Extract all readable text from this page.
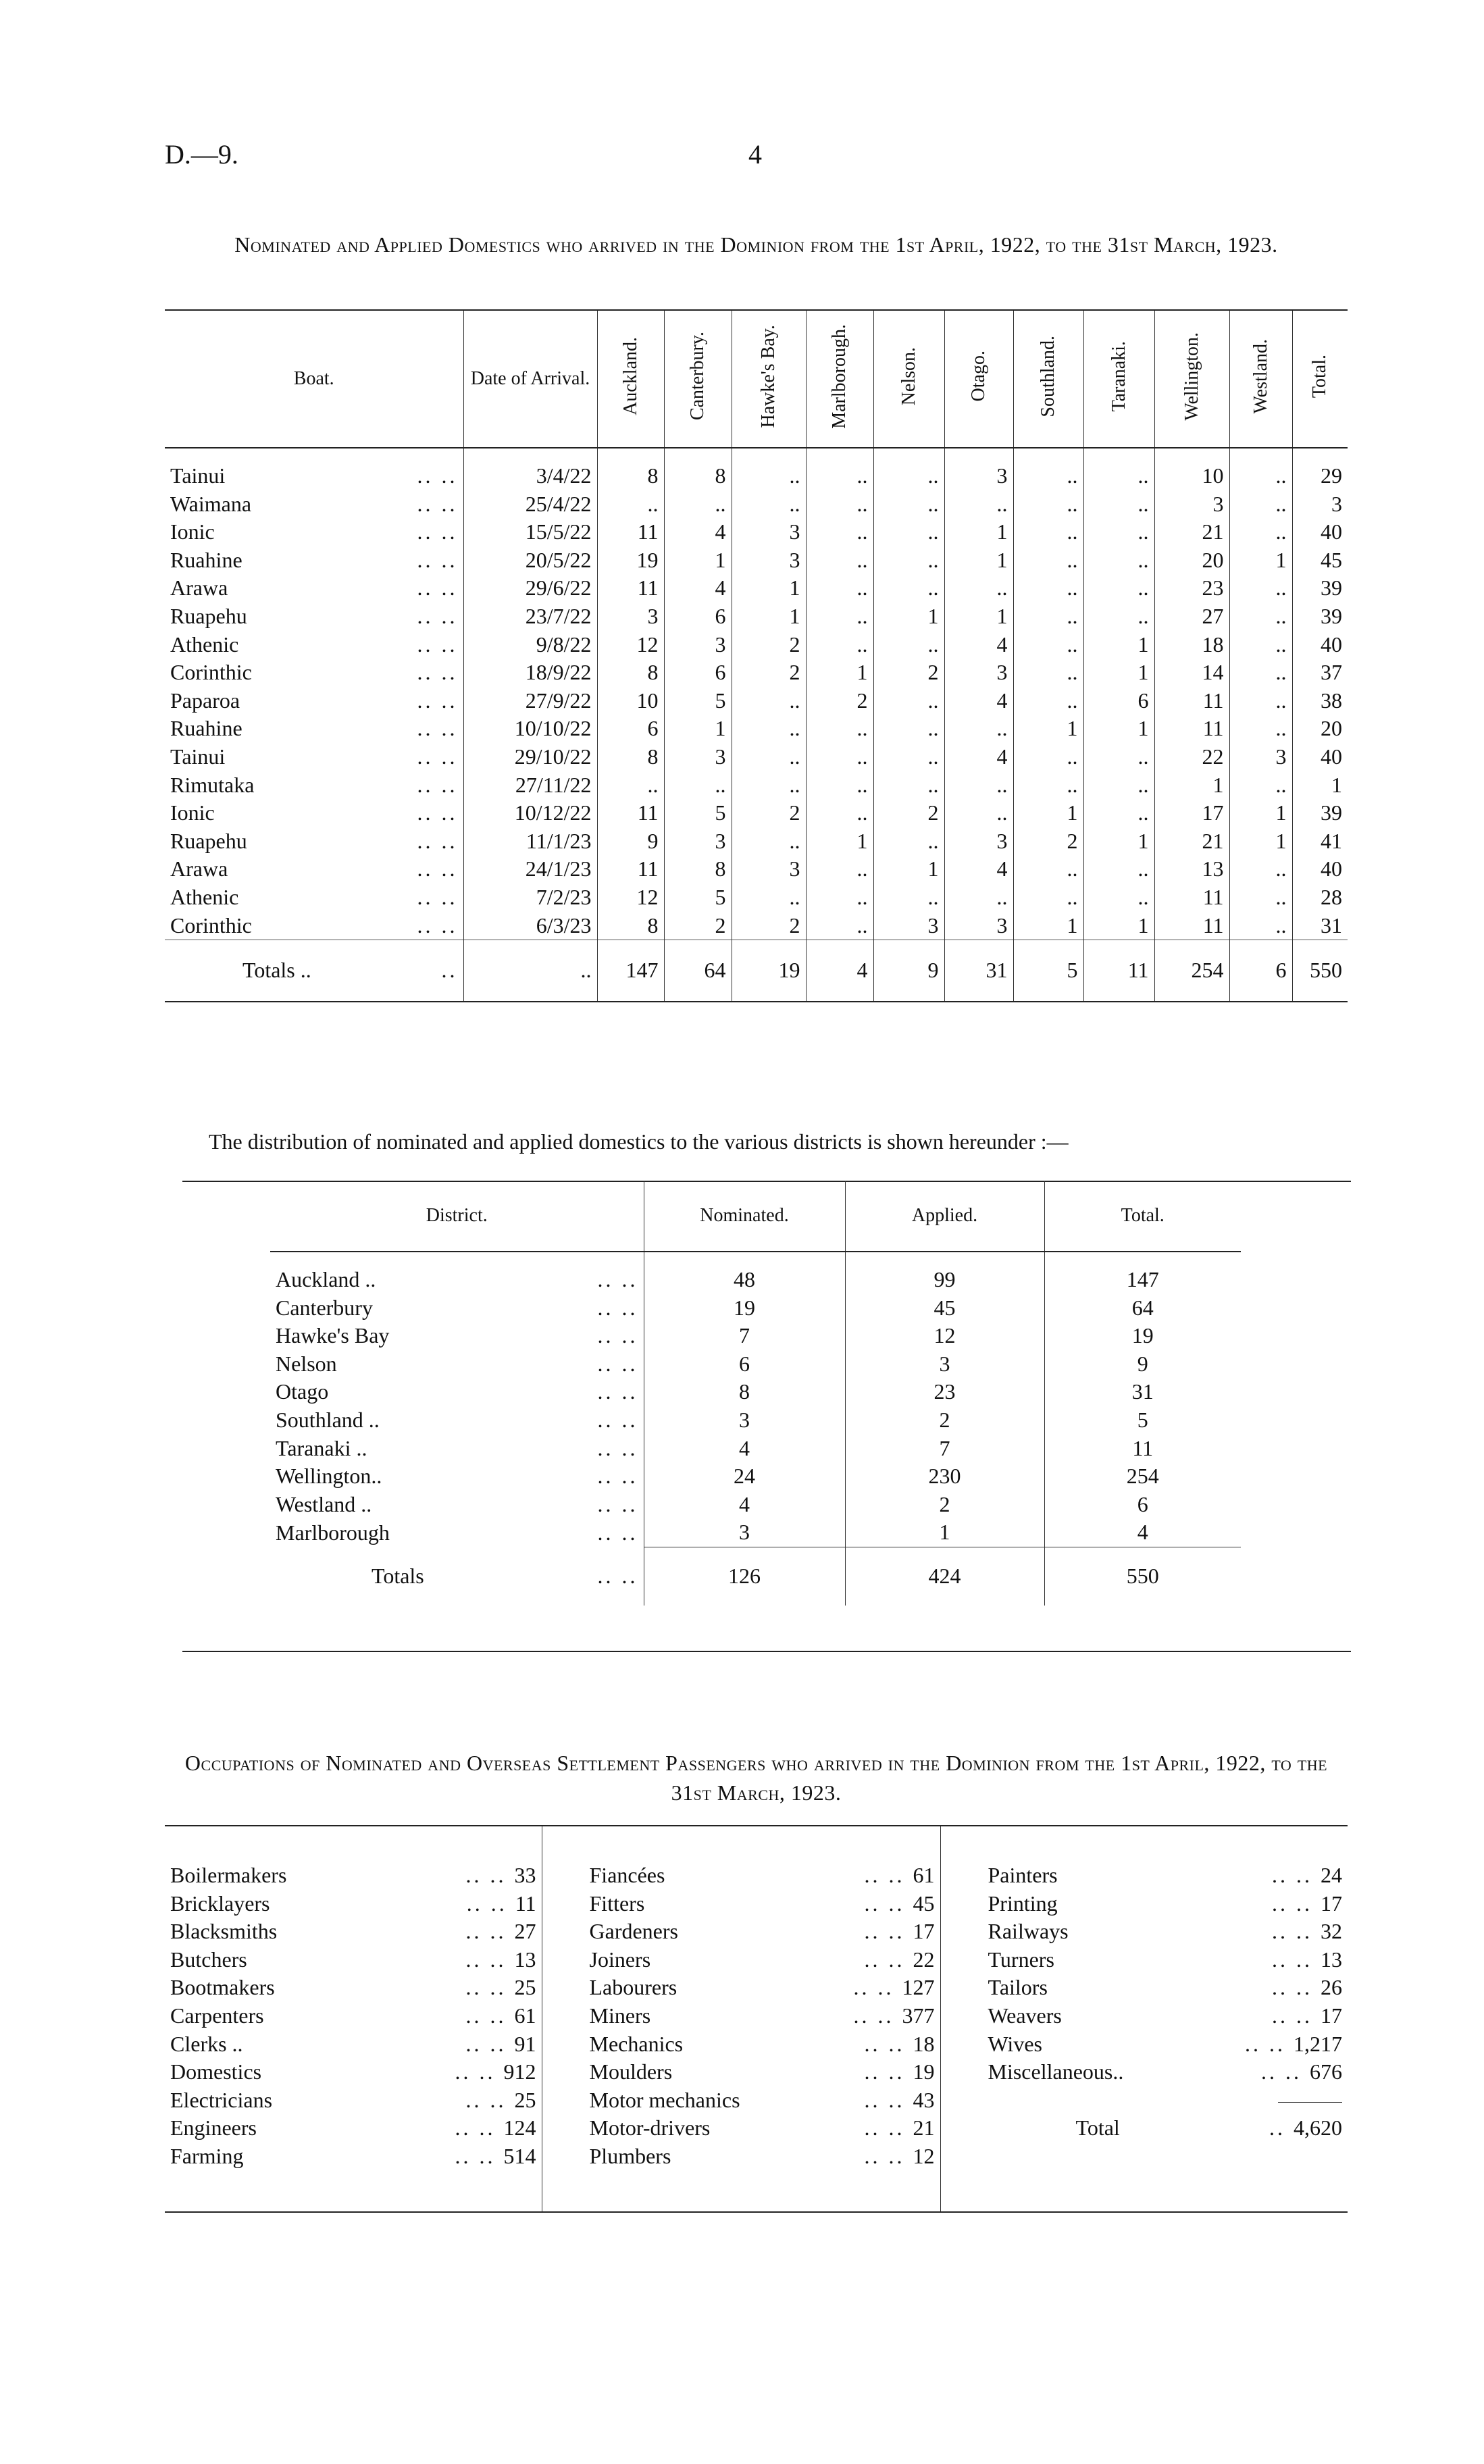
D.—9.	4
Nominated and Applied Domestics who arrived in the Dominion from the 1st April, 1922, to the 31st March, 1923.
Boat.	Date of Arrival.	Auckland.	Canterbury.	Hawke's Bay.	Marlborough.	Nelson.	Otago.	Southland.	Taranaki.	Wellington.	Westland.	Total.
Tainui .. ..	3/4/22	8	8	..	..	..	3	..	..	10	..	29
Waimana .. ..	25/4/22	..	..	..	..	..	..	..	..	3	..	3
Ionic .. ..	15/5/22	11	4	3	..	..	1	..	..	21	..	40
Ruahine .. ..	20/5/22	19	1	3	..	..	1	..	..	20	1	45
Arawa .. ..	29/6/22	11	4	1	..	..	..	..	..	23	..	39
Ruapehu .. ..	23/7/22	3	6	1	..	1	1	..	..	27	..	39
Athenic .. ..	9/8/22	12	3	2	..	..	4	..	1	18	..	40
Corinthic .. ..	18/9/22	8	6	2	1	2	3	..	1	14	..	37
Paparoa .. ..	27/9/22	10	5	..	2	..	4	..	6	11	..	38
Ruahine .. ..	10/10/22	6	1	..	..	..	..	1	1	11	..	20
Tainui .. ..	29/10/22	8	3	..	..	..	4	..	..	22	3	40
Rimutaka .. ..	27/11/22	..	..	..	..	..	..	..	..	1	..	1
Ionic .. ..	10/12/22	11	5	2	..	2	..	1	..	17	1	39
Ruapehu .. ..	11/1/23	9	3	..	1	..	3	2	1	21	1	41
Arawa .. ..	24/1/23	11	8	3	..	1	4	..	..	13	..	40
Athenic .. ..	7/2/23	12	5	..	..	..	..	..	..	11	..	28
Corinthic .. ..	6/3/23	8	2	2	..	3	3	1	1	11	..	31
Totals .. ..	..	147	64	19	4	9	31	5	11	254	6	550
The distribution of nominated and applied domestics to the various districts is shown hereunder :—
District.	Nominated.	Applied.	Total.
Auckland .. .. ..	48	99	147
Canterbury .. ..	19	45	64
Hawke's Bay .. ..	7	12	19
Nelson .. ..	6	3	9
Otago .. ..	8	23	31
Southland .. .. ..	3	2	5
Taranaki .. .. ..	4	7	11
Wellington.. .. ..	24	230	254
Westland .. .. ..	4	2	6
Marlborough .. ..	3	1	4
Totals .. ..	126	424	550
Occupations of Nominated and Overseas Settlement Passengers who arrived in the Dominion from the 1st April, 1922, to the 31st March, 1923.
Boilermakers	.. .. 33	Fiancées	.. .. 61	Painters	.. .. 24
Bricklayers	.. .. 11	Fitters	.. .. 45	Printing	.. .. 17
Blacksmiths	.. .. 27	Gardeners	.. .. 17	Railways	.. .. 32
Butchers	.. .. 13	Joiners	.. .. 22	Turners	.. .. 13
Bootmakers	.. .. 25	Labourers	.. .. 127	Tailors	.. .. 26
Carpenters	.. .. 61	Miners	.. .. 377	Weavers	.. .. 17
Clerks ..	.. .. 91	Mechanics	.. .. 18	Wives	.. .. 1,217
Domestics	.. .. 912	Moulders	.. .. 19	Miscellaneous..	.. .. 676
Electricians	.. .. 25	Motor mechanics	.. .. 43		
Engineers	.. .. 124	Motor-drivers	.. .. 21	Total	.. 4,620
Farming	.. .. 514	Plumbers	.. .. 12		
